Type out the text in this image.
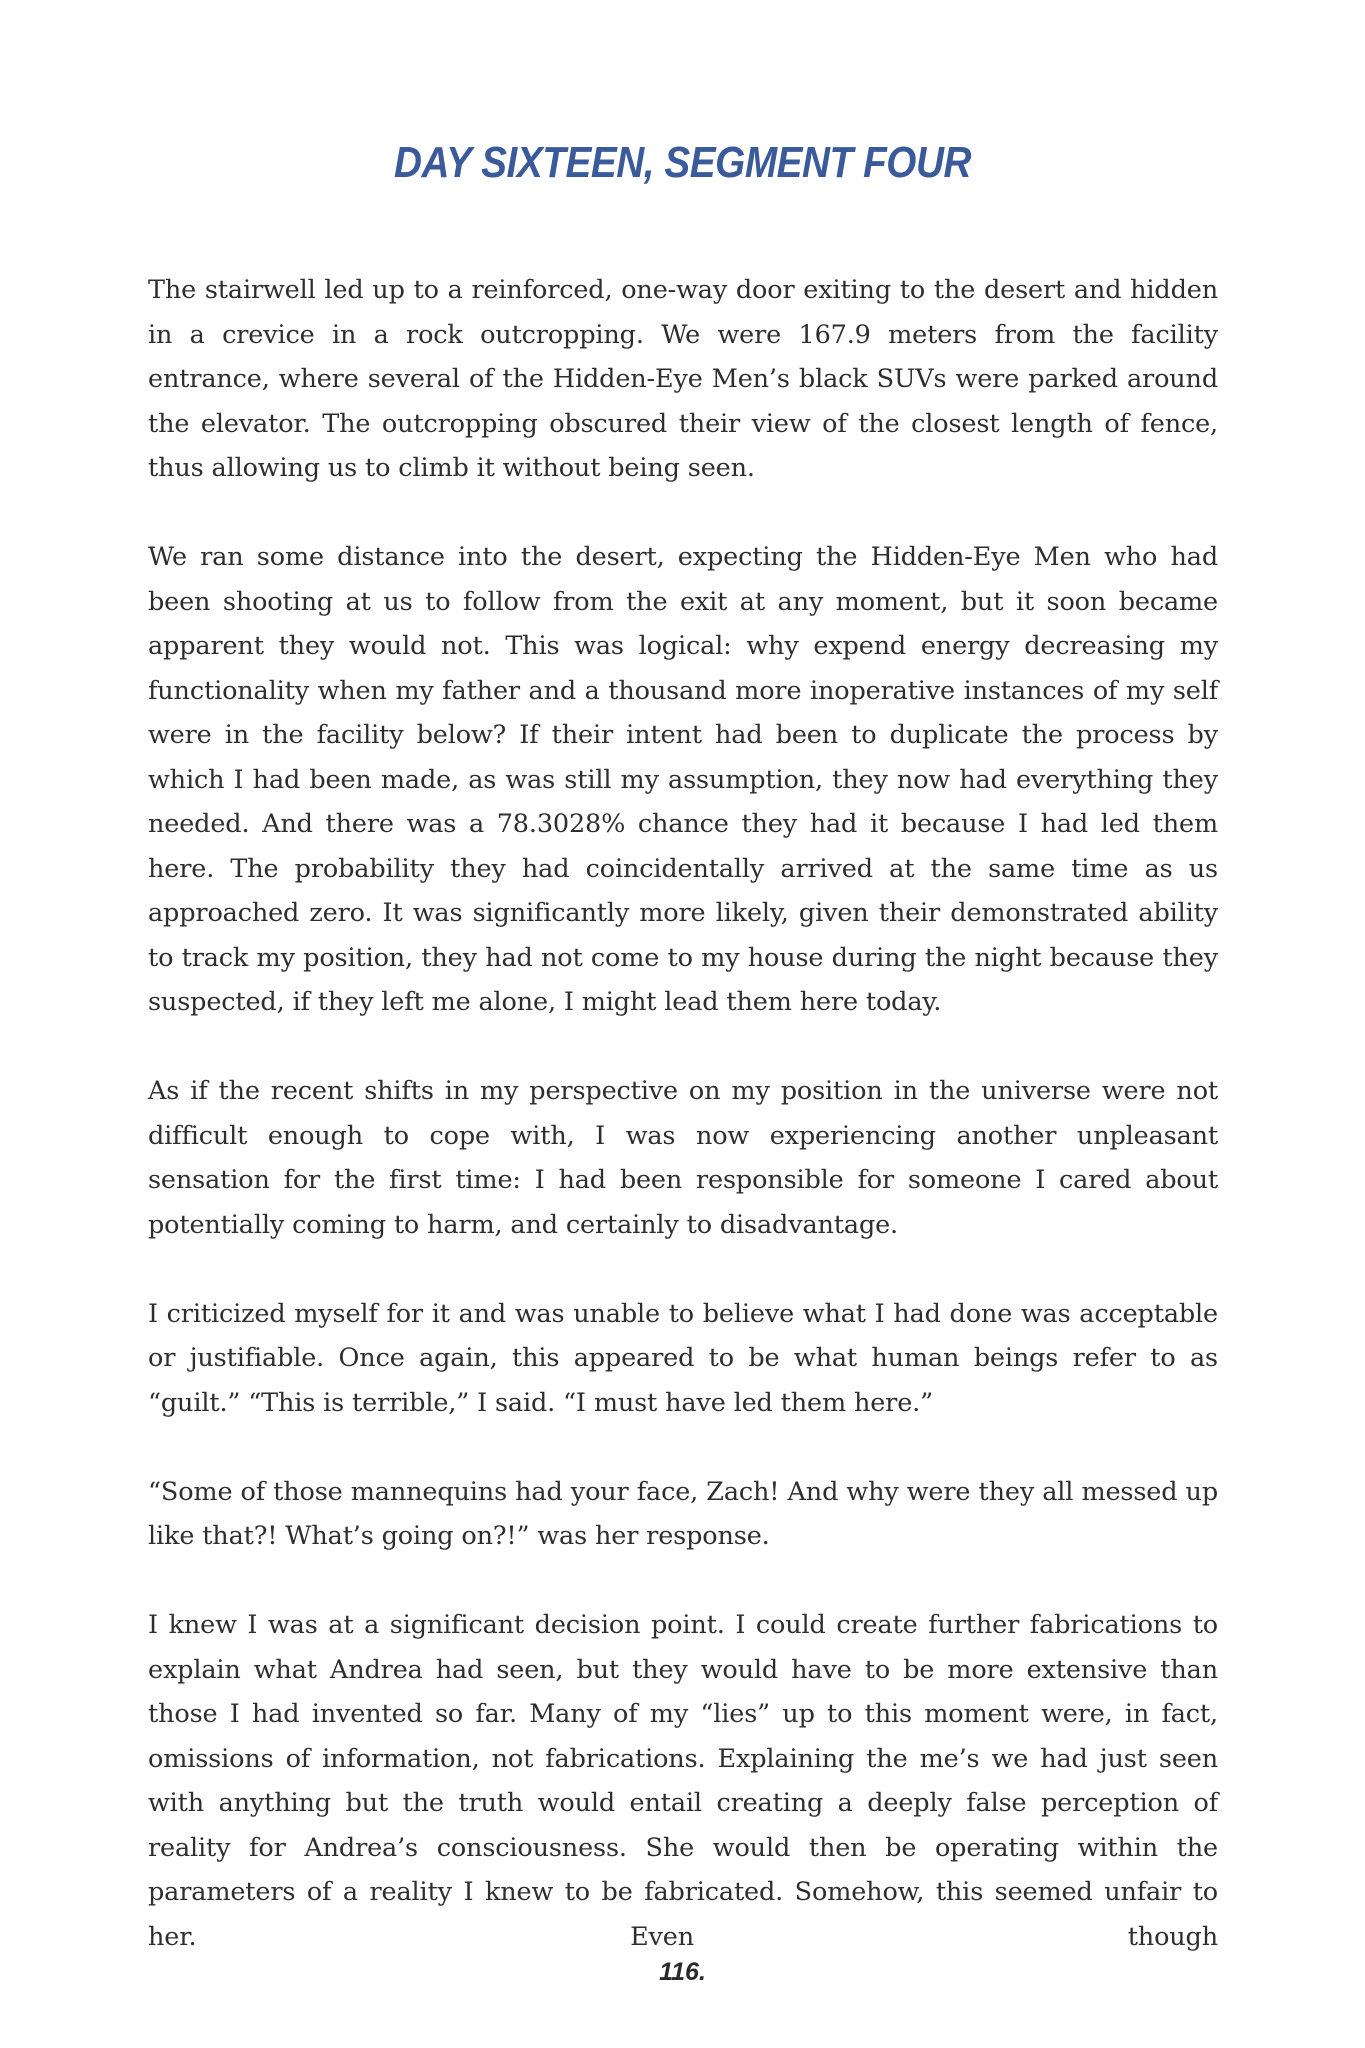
DAY SIXTEEN, SEGMENT FOUR

The stairwell led up to a reinforced, one-way door exiting to the desert and hidden in a crevice in a rock outcropping. We were 167.9 meters from the facility entrance, where several of the Hidden-Eye Men’s black SUVs were parked around the elevator. The outcropping obscured their view of the closest length of fence, thus allowing us to climb it without being seen.

We ran some distance into the desert, expecting the Hidden-Eye Men who had been shooting at us to follow from the exit at any moment, but it soon became apparent they would not. This was logical: why expend energy decreasing my functionality when my father and a thousand more inoperative instances of my self were in the facility below? If their intent had been to duplicate the process by which I had been made, as was still my assumption, they now had everything they needed. And there was a 78.3028% chance they had it because I had led them here. The probability they had coincidentally arrived at the same time as us approached zero. It was significantly more likely, given their demonstrated ability to track my position, they had not come to my house during the night because they suspected, if they left me alone, I might lead them here today.

As if the recent shifts in my perspective on my position in the universe were not difficult enough to cope with, I was now experiencing another unpleasant sensation for the first time: I had been responsible for someone I cared about potentially coming to harm, and certainly to disadvantage.

I criticized myself for it and was unable to believe what I had done was acceptable or justifiable. Once again, this appeared to be what human beings refer to as “guilt.” “This is terrible,” I said. “I must have led them here.”

“Some of those mannequins had your face, Zach! And why were they all messed up like that?! What’s going on?!” was her response.

I knew I was at a significant decision point. I could create further fabrications to explain what Andrea had seen, but they would have to be more extensive than those I had invented so far. Many of my “lies” up to this moment were, in fact, omissions of information, not fabrications. Explaining the me’s we had just seen with anything but the truth would entail creating a deeply false perception of reality for Andrea’s consciousness. She would then be operating within the parameters of a reality I knew to be fabricated. Somehow, this seemed unfair to her. Even though

116.
